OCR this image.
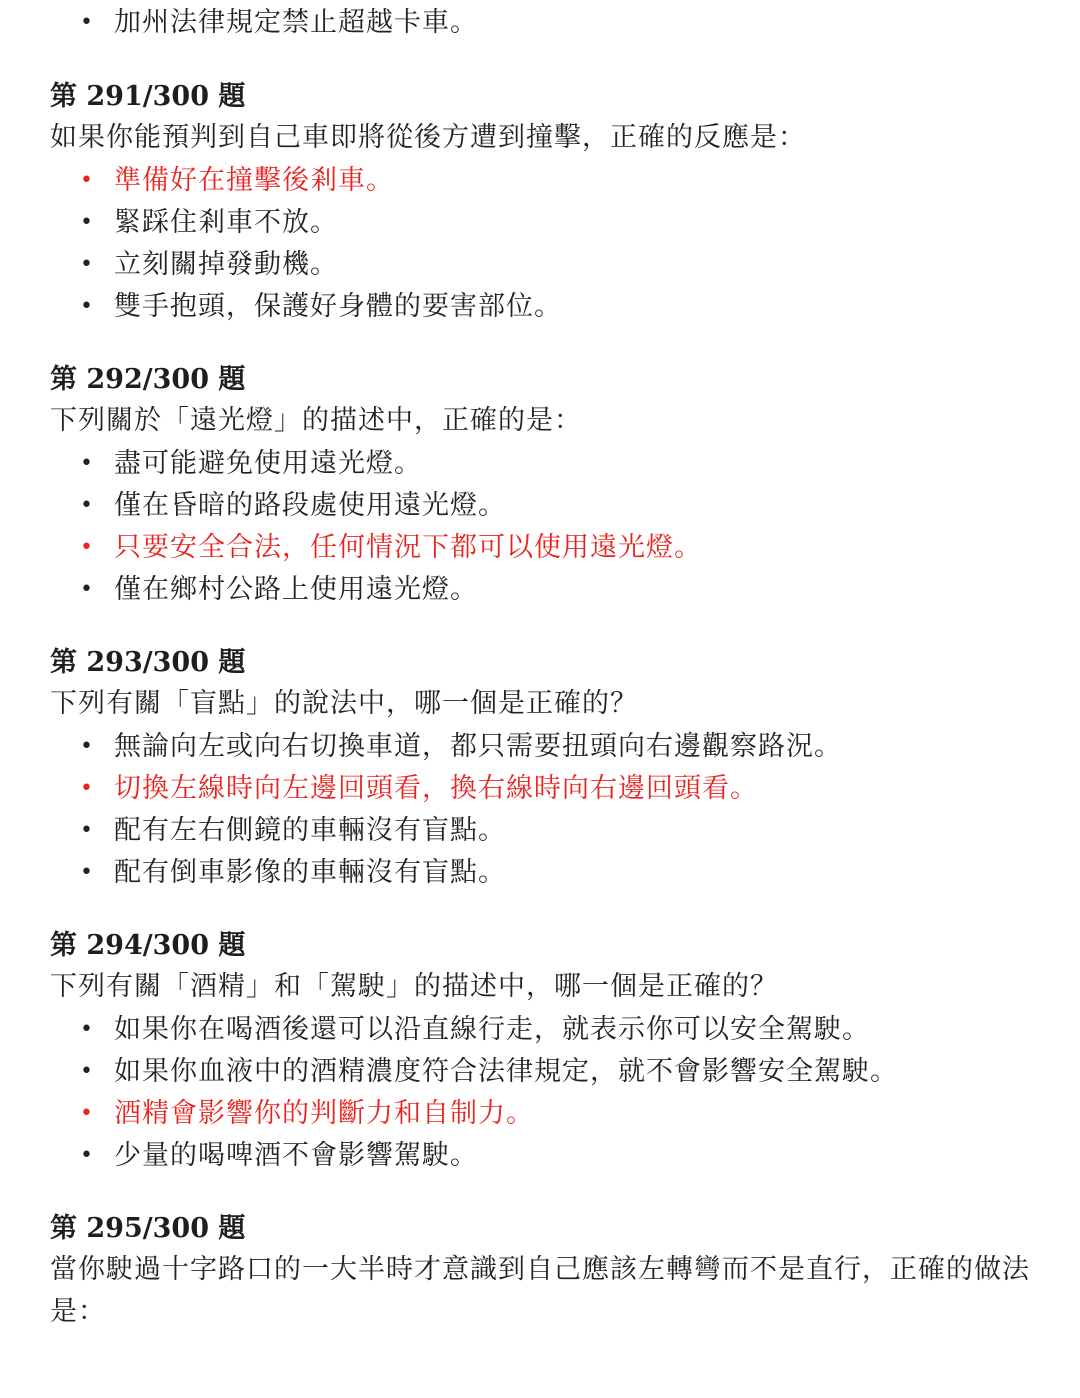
• 加州法律規定禁止超越卡車。
第 291/300 題
如果你能預判到自己車即將從後方遭到撞擊，正確的反應是：
• 準備好在撞擊後剎車。
• 緊踩住剎車不放。
• 立刻關掉發動機。
• 雙手抱頭，保護好身體的要害部位。
第 292/300 題
下列關於「遠光燈」的描述中，正確的是：
• 盡可能避免使用遠光燈。
• 僅在昏暗的路段處使用遠光燈。
• 只要安全合法，任何情況下都可以使用遠光燈。
• 僅在鄉村公路上使用遠光燈。
第 293/300 題
下列有關「盲點」的說法中，哪一個是正確的？
• 無論向左或向右切換車道，都只需要扭頭向右邊觀察路況。
• 切換左線時向左邊回頭看，換右線時向右邊回頭看。
• 配有左右側鏡的車輛沒有盲點。
• 配有倒車影像的車輛沒有盲點。
第 294/300 題
下列有關「酒精」和「駕駛」的描述中，哪一個是正確的？
• 如果你在喝酒後還可以沿直線行走，就表示你可以安全駕駛。
• 如果你血液中的酒精濃度符合法律規定，就不會影響安全駕駛。
• 酒精會影響你的判斷力和自制力。
• 少量的喝啤酒不會影響駕駛。
第 295/300 題
當你駛過十字路口的一大半時才意識到自己應該左轉彎而不是直行，正確的做法是：
